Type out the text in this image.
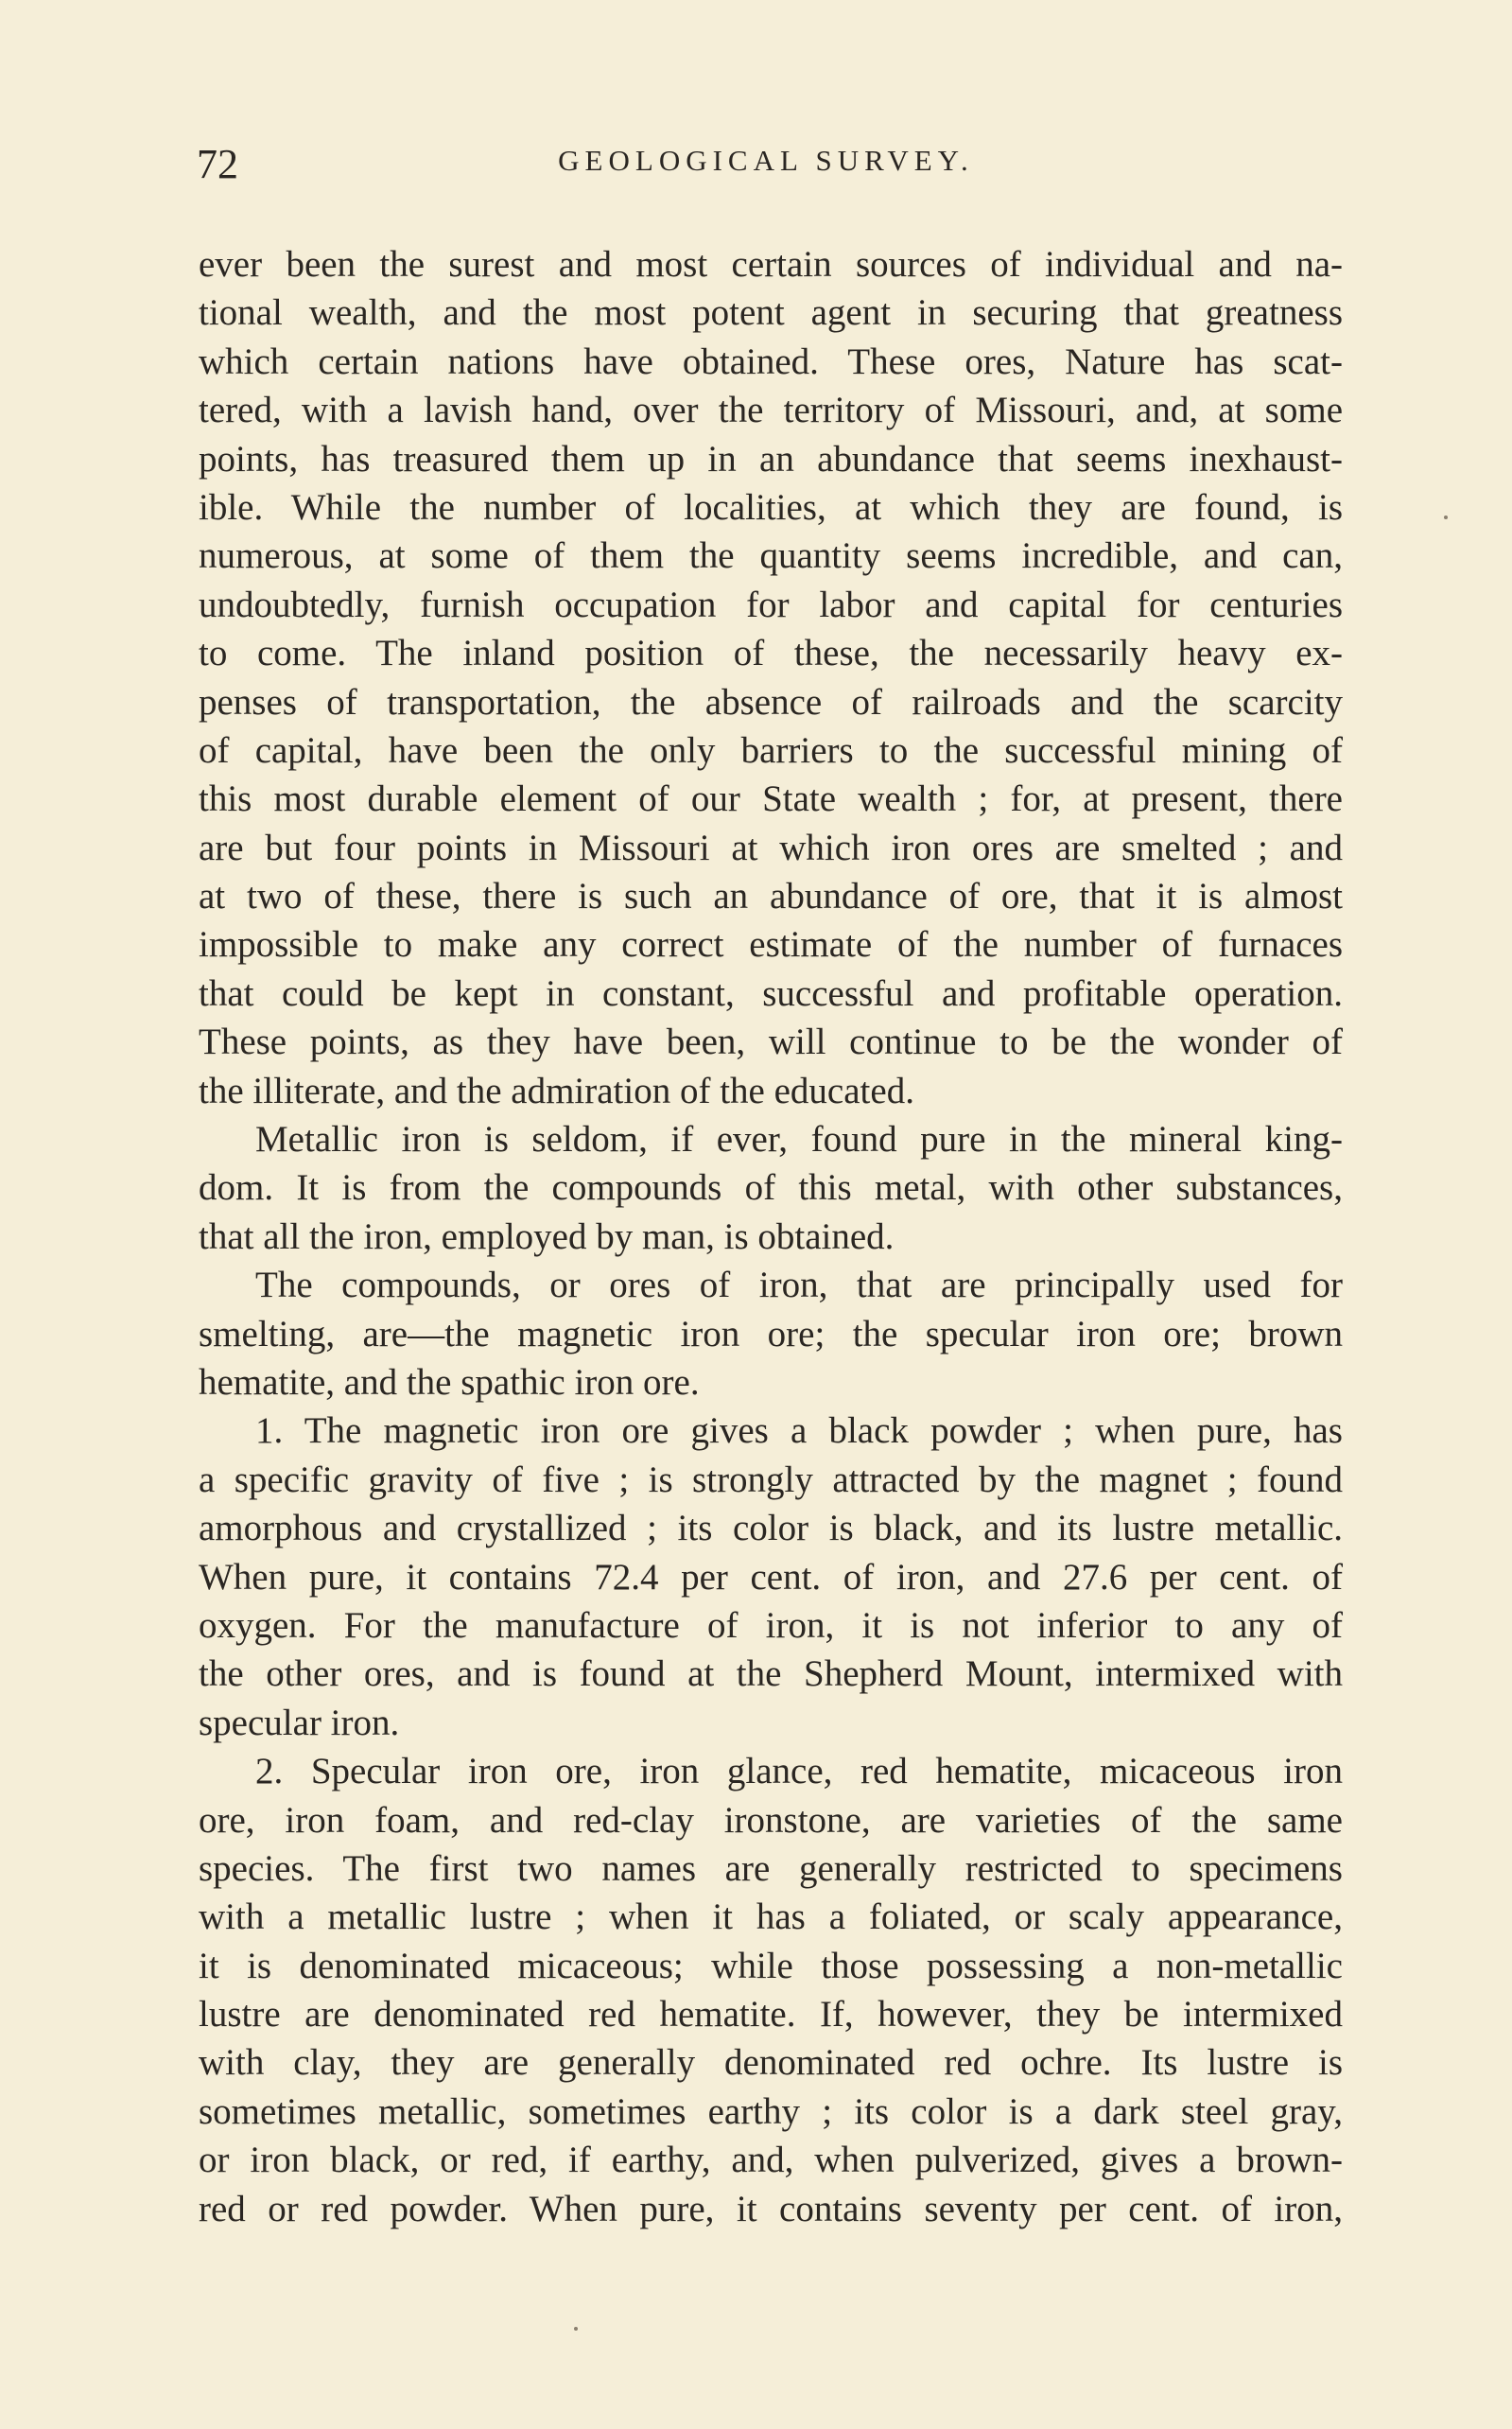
72	GEOLOGICAL SURVEY.
ever been the surest and most certain sources of individual and na-
tional wealth, and the most potent agent in securing that greatness
which certain nations have obtained. These ores, Nature has scat-
tered, with a lavish hand, over the territory of Missouri, and, at some
points, has treasured them up in an abundance that seems inexhaust-
ible. While the number of localities, at which they are found, is
numerous, at some of them the quantity seems incredible, and can,
undoubtedly, furnish occupation for labor and capital for centuries
to come. The inland position of these, the necessarily heavy ex-
penses of transportation, the absence of railroads and the scarcity
of capital, have been the only barriers to the successful mining of
this most durable element of our State wealth ; for, at present, there
are but four points in Missouri at which iron ores are smelted ; and
at two of these, there is such an abundance of ore, that it is almost
impossible to make any correct estimate of the number of furnaces
that could be kept in constant, successful and profitable operation.
These points, as they have been, will continue to be the wonder of
the illiterate, and the admiration of the educated.
Metallic iron is seldom, if ever, found pure in the mineral king-
dom. It is from the compounds of this metal, with other substances,
that all the iron, employed by man, is obtained.
The compounds, or ores of iron, that are principally used for
smelting, are—the magnetic iron ore; the specular iron ore; brown
hematite, and the spathic iron ore.
1. The magnetic iron ore gives a black powder ; when pure, has
a specific gravity of five ; is strongly attracted by the magnet ; found
amorphous and crystallized ; its color is black, and its lustre metallic.
When pure, it contains 72.4 per cent. of iron, and 27.6 per cent. of
oxygen. For the manufacture of iron, it is not inferior to any of
the other ores, and is found at the Shepherd Mount, intermixed with
specular iron.
2. Specular iron ore, iron glance, red hematite, micaceous iron
ore, iron foam, and red-clay ironstone, are varieties of the same
species. The first two names are generally restricted to specimens
with a metallic lustre ; when it has a foliated, or scaly appearance,
it is denominated micaceous; while those possessing a non-metallic
lustre are denominated red hematite. If, however, they be intermixed
with clay, they are generally denominated red ochre. Its lustre is
sometimes metallic, sometimes earthy ; its color is a dark steel gray,
or iron black, or red, if earthy, and, when pulverized, gives a brown-
red or red powder. When pure, it contains seventy per cent. of iron,
